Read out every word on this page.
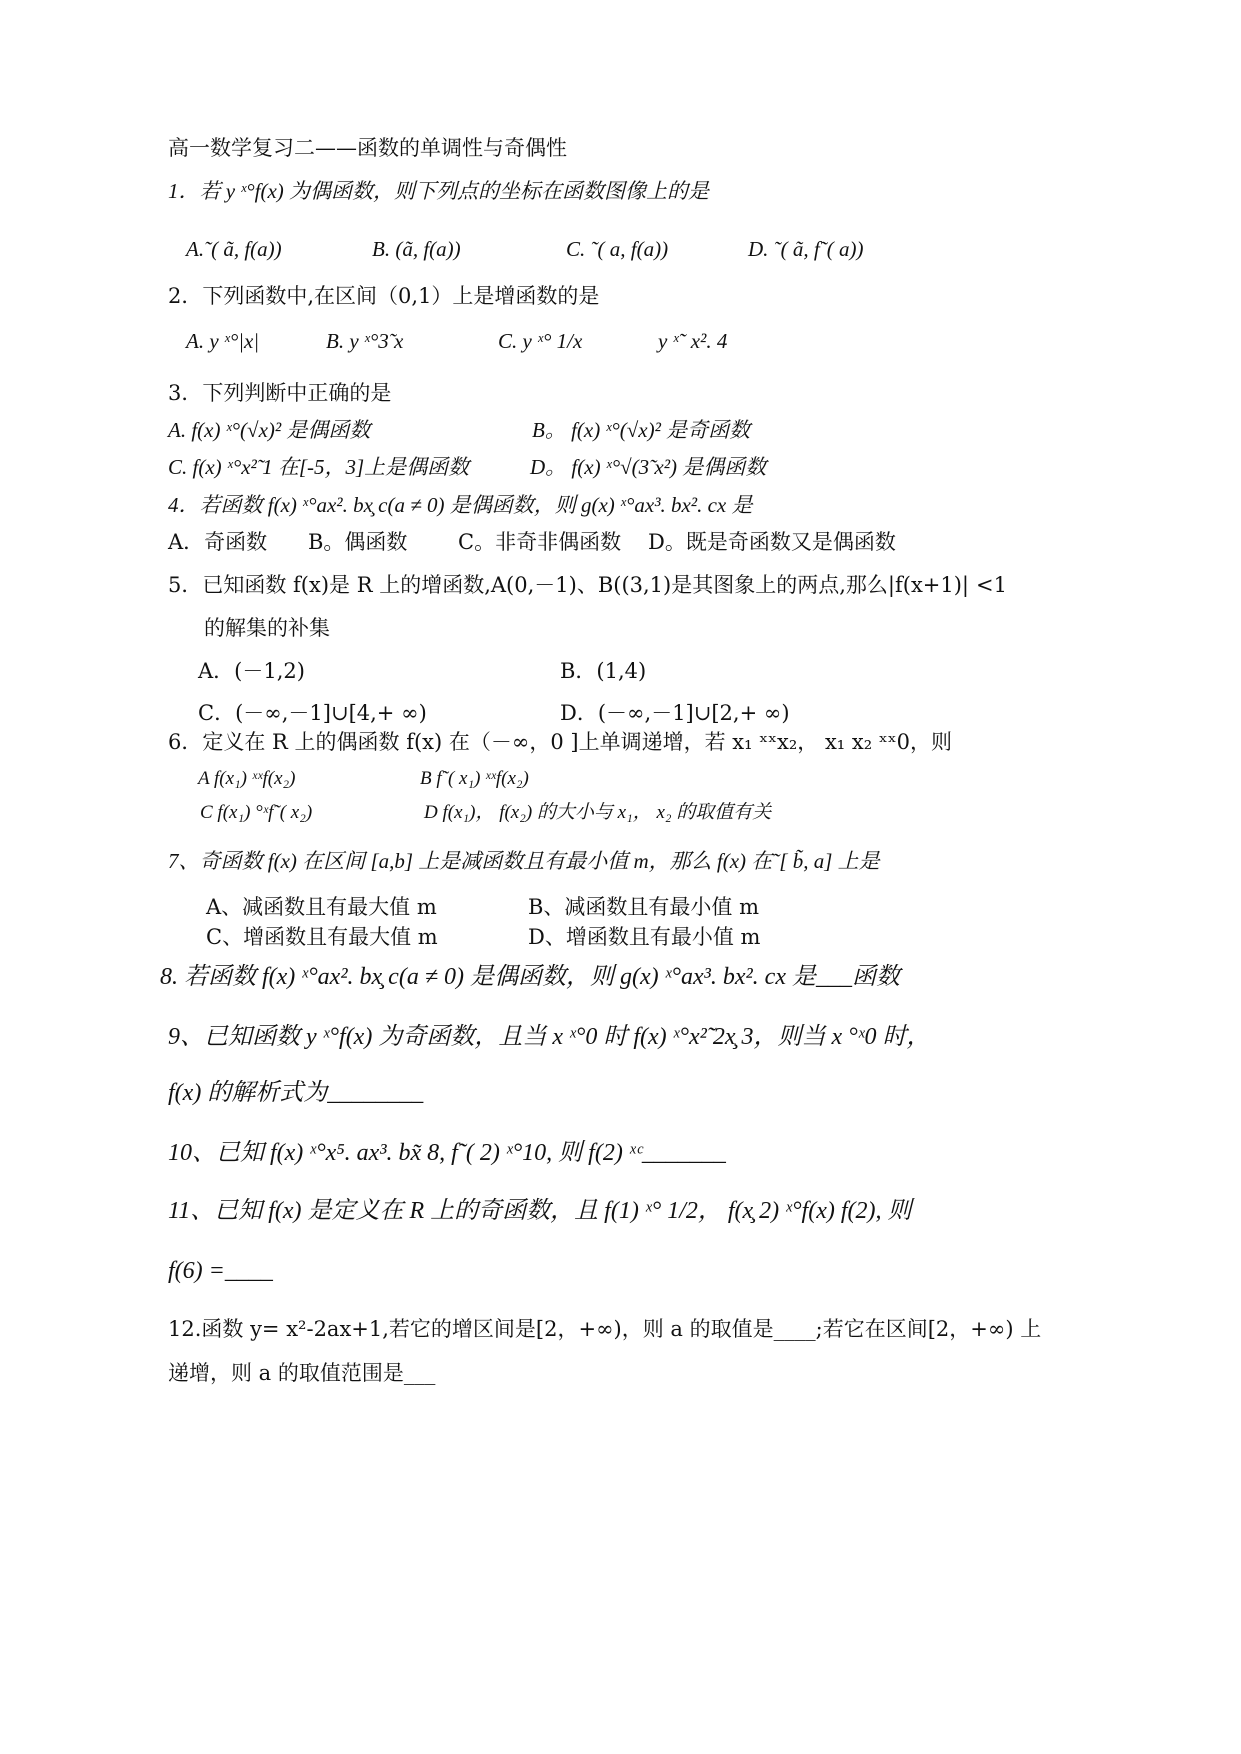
高一数学复习二——函数的单调性与奇偶性
1．若 y ˣ°f(x) 为偶函数，则下列点的坐标在函数图像上的是
A.˜( ã, f(a))	B. (ã, f(a))	C. ˜( a, f(a))	D. ˜( ã, f˜( a))
2．下列函数中,在区间（0,1）上是增函数的是
A. y ˣ°|x|	B. y ˣ°3̃ x	C. y ˣ° 1/x	y ˣ˜ x². 4
3．下列判断中正确的是
A. f(x) ˣ°(√x)² 是偶函数	B。 f(x) ˣ°(√x)² 是奇函数
C. f(x) ˣ°x²̃ 1 在[-5，3]上是偶函数	D。 f(x) ˣ°√(3̃ x²) 是偶函数
4．若函数 f(x) ˣ°ax². bx̧ c(a ≠ 0) 是偶函数，则 g(x) ˣ°ax³. bx². cx 是
A．奇函数 B。偶函数 C。非奇非偶函数 D。既是奇函数又是偶函数
5．已知函数 f(x)是 R 上的增函数,A(0,－1)、B((3,1)是其图象上的两点,那么|f(x+1)| <1
的解集的补集
A．(－1,2)	B．(1,4)
C．(－∞,－1]∪[4,+ ∞)	D．(－∞,－1]∪[2,+ ∞)
6．定义在 R 上的偶函数 f(x) 在（－∞，0 ]上单调递增，若 x₁ ˣˣx₂， x₁ x₂ ˣˣ0，则
A f(x₁) ˣˣf(x₂)	B f˜( x₁) ˣˣf(x₂)
C f(x₁) °ˣf˜( x₂)	D f(x₁)， f(x₂) 的大小与 x₁， x₂ 的取值有关
7、奇函数 f(x) 在区间 [a,b] 上是减函数且有最小值 m，那么 f(x) 在˜[ b̃, a] 上是
A、减函数且有最大值 m	B、减函数且有最小值 m
C、增函数且有最大值 m	D、增函数且有最小值 m
8. 若函数 f(x) ˣ°ax². bx̧ c(a ≠ 0) 是偶函数，则 g(x) ˣ°ax³. bx². cx 是___函数
9、已知函数 y ˣ°f(x) 为奇函数，且当 x ˣ°0 时 f(x) ˣ°x²̃ 2x̧ 3，则当 x °ˣ0 时，
f(x) 的解析式为________
10、已知 f(x) ˣ°x⁵. ax³. bx̃ 8, f˜( 2) ˣ°10, 则 f(2) ˣᶜ_______
11、已知 f(x) 是定义在 R 上的奇函数，且 f(1) ˣ° 1/2， f(x̧ 2) ˣ°f(x) f(2), 则
f(6) =____
12.函数 y= x²-2ax+1,若它的增区间是[2，+∞)，则 a 的取值是____;若它在区间[2，+∞) 上
递增，则 a 的取值范围是___
